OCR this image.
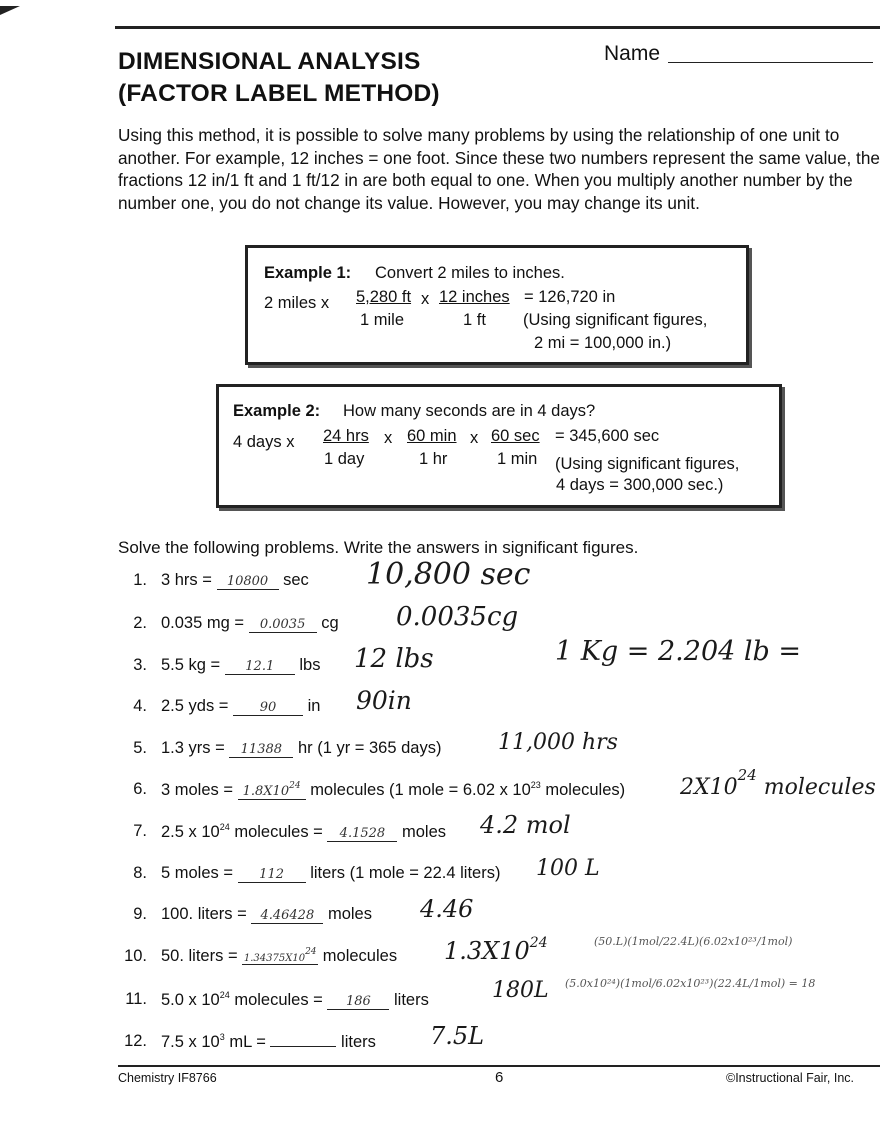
DIMENSIONAL ANALYSIS
(FACTOR LABEL METHOD)
Name
Using this method, it is possible to solve many problems by using the relationship of one unit to another. For example, 12 inches = one foot. Since these two numbers represent the same value, the fractions 12 in/1 ft and 1 ft/12 in are both equal to one. When you multiply another number by the number one, you do not change its value. However, you may change its unit.
Example 1: Convert 2 miles to inches.
2 miles x 5,280 ft
1 mile
x 12 inches
1 ft
= 126,720 in
(Using significant figures,
2 mi = 100,000 in.)
Example 2: How many seconds are in 4 days?
4 days x 24 hrs
1 day
x 60 min
1 hr
x 60 sec
1 min
= 345,600 sec
(Using significant figures,
4 days = 300,000 sec.)
Solve the following problems. Write the answers in significant figures.
1. 3 hrs = 10800 sec 10,800 sec
2. 0.035 mg = 0.0035 cg 0.0035cg
3. 5.5 kg = 12.1 lbs 12 lbs	1 Kg = 2.204 lb =
4. 2.5 yds = 90 in 90in
5. 1.3 yrs = 11388 hr (1 yr = 365 days)	11,000 hrs
6. 3 moles = $1.8X10^{24}$ molecules (1 mole = 6.02 x $10^{23}$ molecules) $2X10^{24}$ molecules
7. 2.5 x $10^{24}$ molecules = 4.1528 moles 4.2 mol
8. 5 moles = 112 liters (1 mole = 22.4 liters) 100 L
9. 100. liters = 4.46428 moles 4.46
10. 50. liters = $1.34375X10^{24}$ molecules $1.3X10^{24}$	(50.L)(1mol/22.4L)(6.02x10²³/1mol)
11. 5.0 x $10^{24}$ molecules = 186 liters	180L (5.0x10²⁴)(1mol/6.02x10²³)(22.4L/1mol) = 18
12. 7.5 x $10^3$ mL =	liters 7.5L
Chemistry IF8766	6	©Instructional Fair, Inc.
